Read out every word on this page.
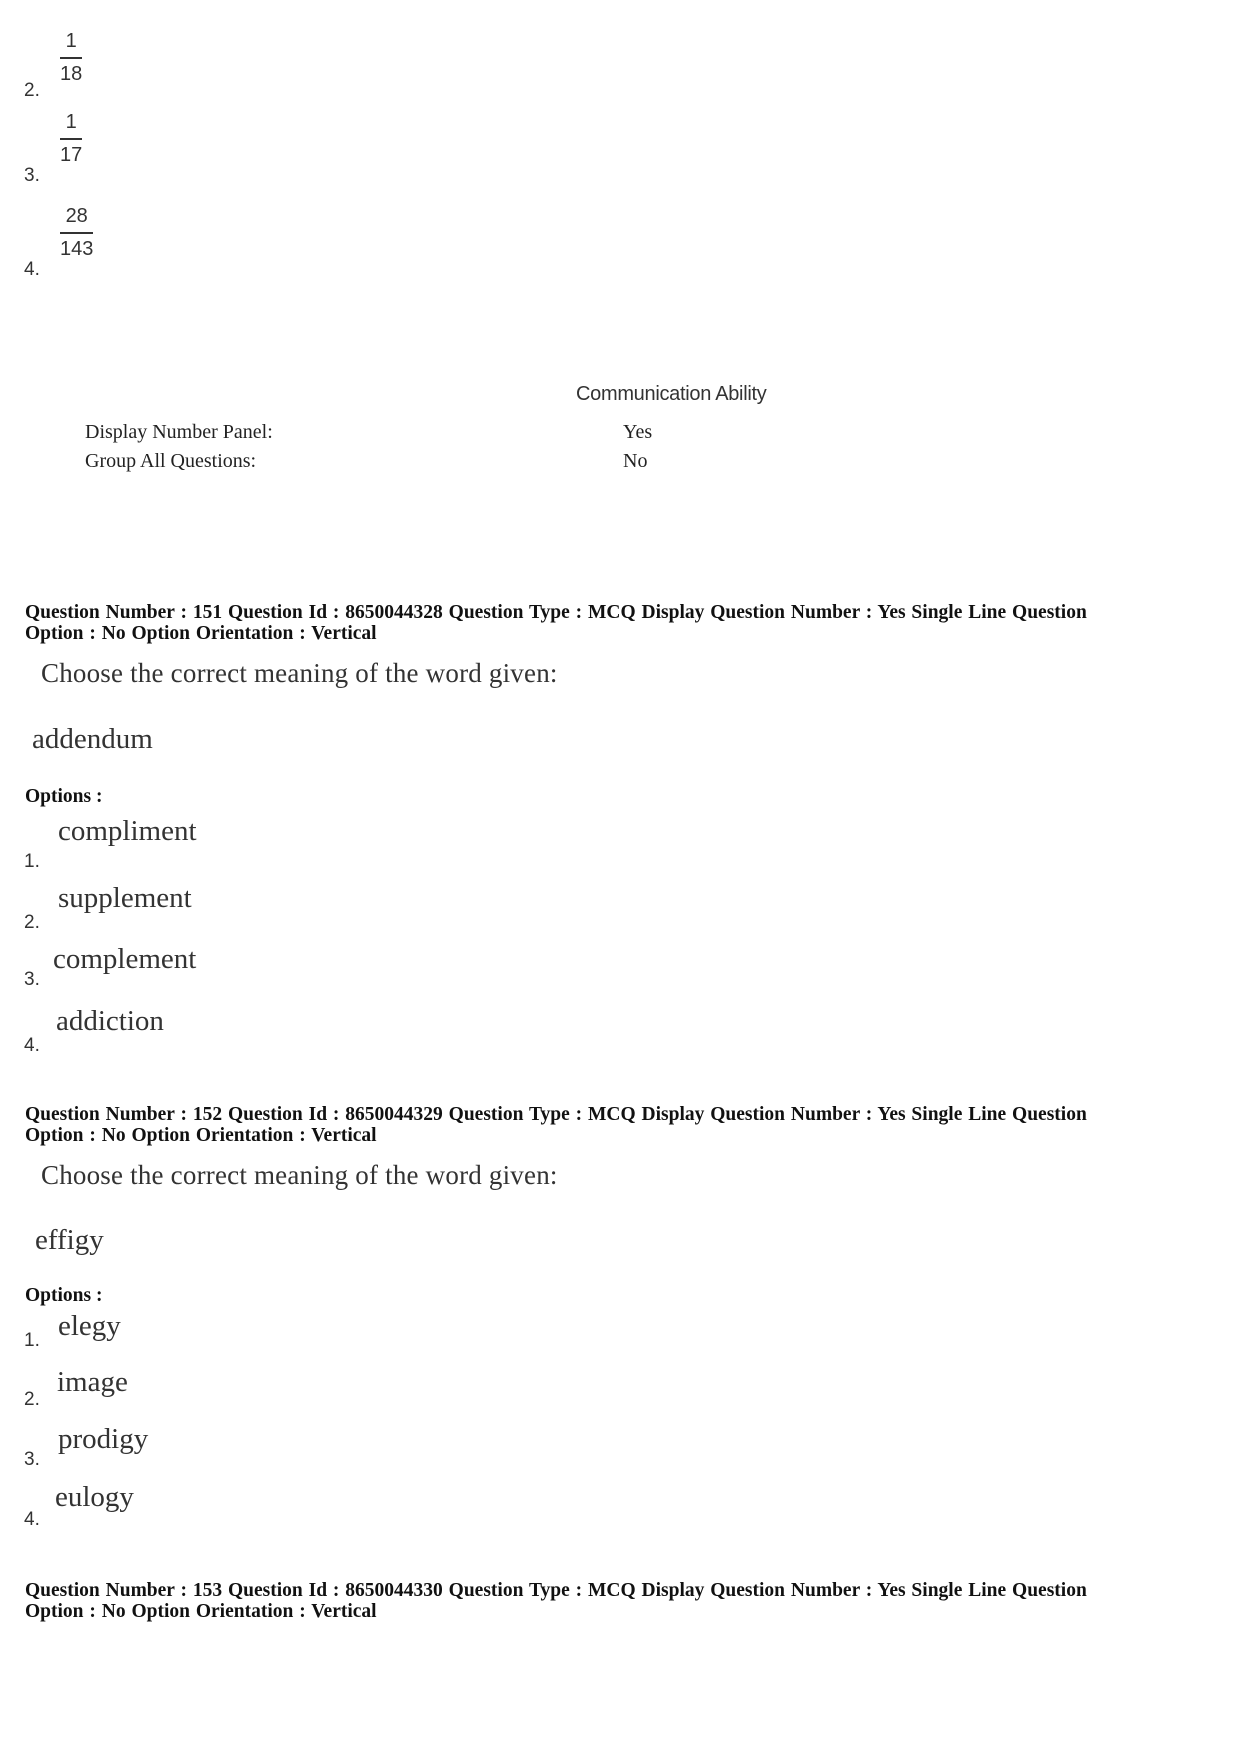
2.
1
18
3.
1
17
4.
28
143
Communication Ability
Display Number Panel:	Yes
Group All Questions:	No
Question Number : 151 Question Id : 8650044328 Question Type : MCQ Display Question Number : Yes Single Line Question
Option : No Option Orientation : Vertical
Choose the correct meaning of the word given:
addendum
Options :
1.
compliment
2.
supplement
3.
complement
4.
addiction
Question Number : 152 Question Id : 8650044329 Question Type : MCQ Display Question Number : Yes Single Line Question
Option : No Option Orientation : Vertical
Choose the correct meaning of the word given:
effigy
Options :
1. elegy
2.
image
3.
prodigy
4.
eulogy
Question Number : 153 Question Id : 8650044330 Question Type : MCQ Display Question Number : Yes Single Line Question
Option : No Option Orientation : Vertical
